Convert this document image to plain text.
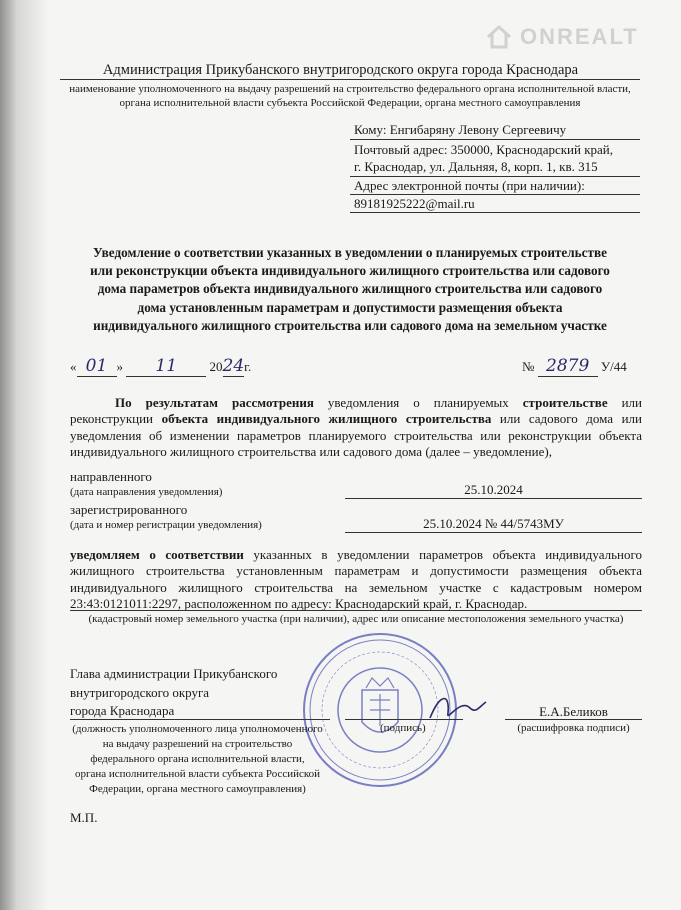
ONREALT
Администрация Прикубанского внутригородского округа города Краснодара
наименование уполномоченного на выдачу разрешений на строительство федерального органа исполнительной власти, органа исполнительной власти субъекта Российской Федерации, органа местного самоуправления
Кому: Енгибаряну Левону Сергеевичу
Почтовый адрес: 350000, Краснодарский край,
г. Краснодар, ул. Дальняя, 8, корп. 1, кв. 315
Адрес электронной почты (при наличии):
89181925222@mail.ru
Уведомление о соответствии указанных в уведомлении о планируемых строительстве или реконструкции объекта индивидуального жилищного строительства или садового дома параметров объекта индивидуального жилищного строительства или садового дома установленным параметрам и допустимости размещения объекта индивидуального жилищного строительства или садового дома на земельном участке
« 01 » 11 2024г.	№ 2879 У/44
По результатам рассмотрения уведомления о планируемых строительстве или реконструкции объекта индивидуального жилищного строительства или садового дома или уведомления об изменении параметров планируемого строительства или реконструкции объекта индивидуального жилищного строительства или садового дома (далее – уведомление),
направленного
(дата направления уведомления)	25.10.2024
зарегистрированного
(дата и номер регистрации уведомления)	25.10.2024 № 44/5743МУ
уведомляем о соответствии указанных в уведомлении параметров объекта индивидуального жилищного строительства установленным параметрам и допустимости размещения объекта индивидуального жилищного строительства на земельном участке с кадастровым номером 23:43:0121011:2297, расположенном по адресу: Краснодарский край, г. Краснодар.
(кадастровый номер земельного участка (при наличии), адрес или описание местоположения земельного участка)
Глава администрации Прикубанского
внутригородского округа
города Краснодара	Е.А.Беликов
(должность уполномоченного лица уполномоченного
на выдачу разрешений на строительство
федерального органа исполнительной власти,
органа исполнительной власти субъекта Российской
Федерации, органа местного самоуправления)
(подпись)	(расшифровка подписи)
М.П.
